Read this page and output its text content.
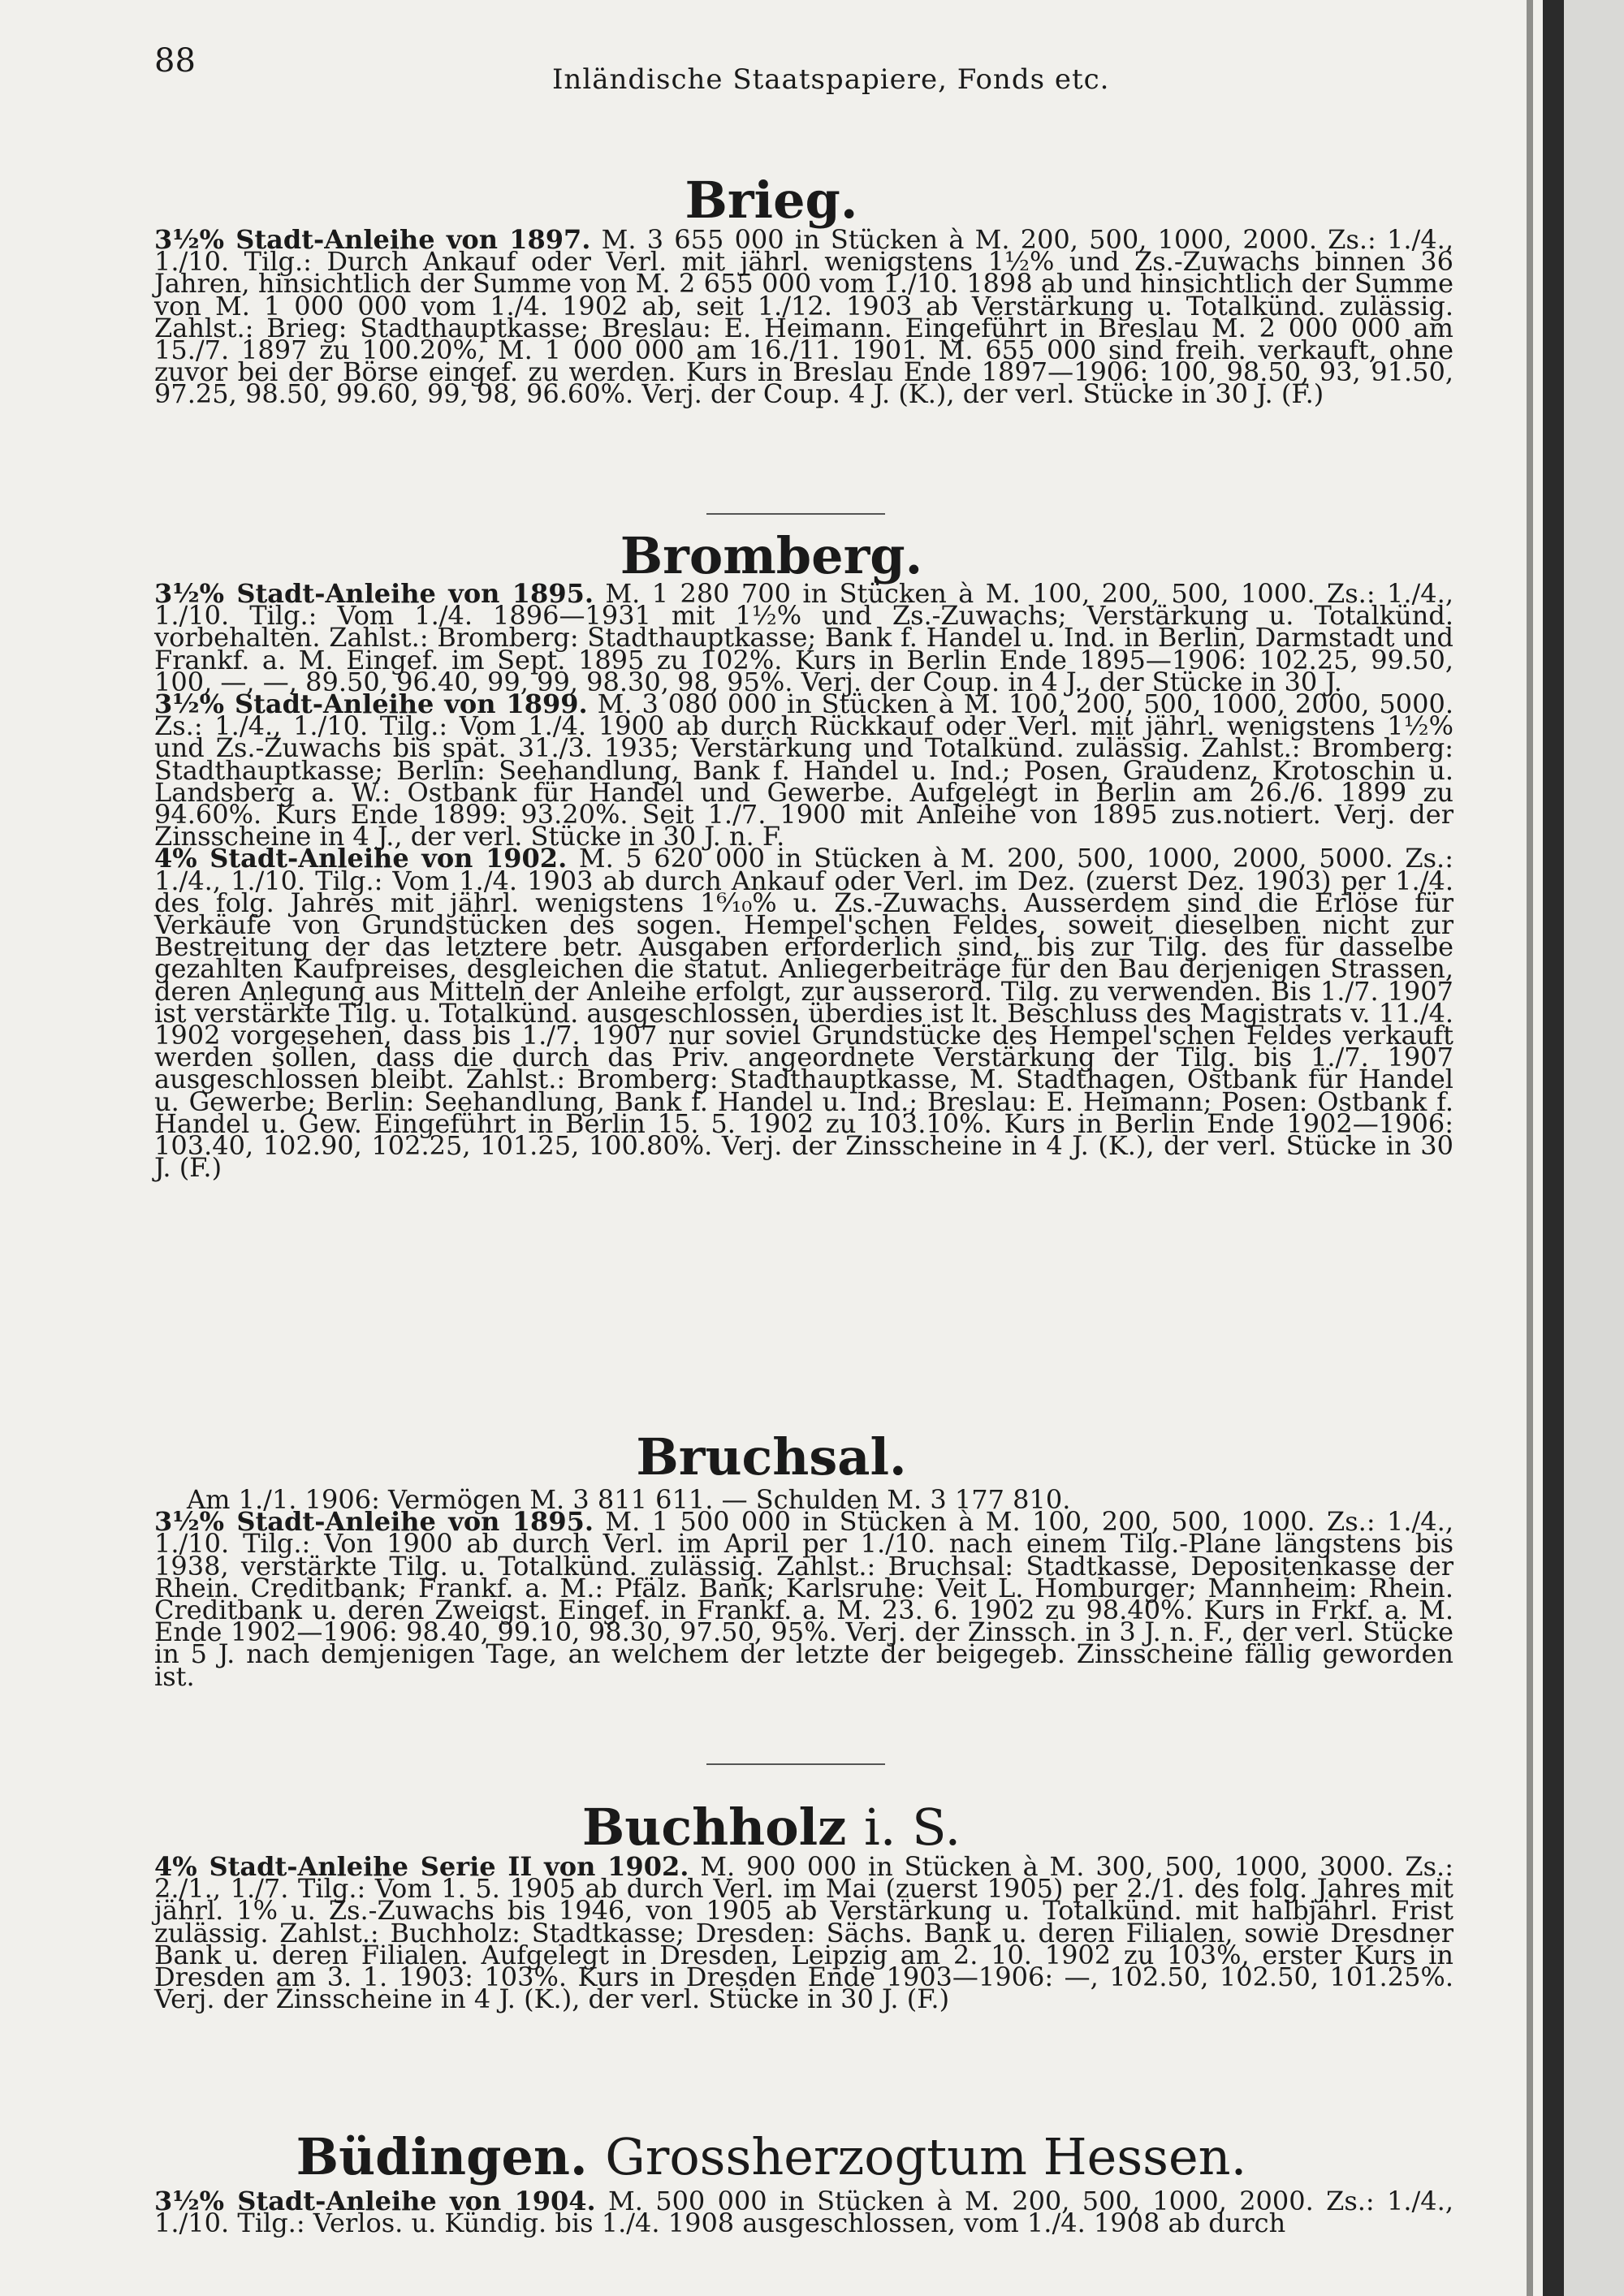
88	Inländische Staatspapiere, Fonds etc.
Brieg.

3½% Stadt-Anleihe von 1897. M. 3 655 000 in Stücken à M. 200, 500, 1000, 2000. Zs.: 1./4., 1./10. Tilg.: Durch Ankauf oder Verl. mit jährl. wenigstens 1½% und Zs.-Zuwachs binnen 36 Jahren, hinsichtlich der Summe von M. 2 655 000 vom 1./10. 1898 ab und hinsichtlich der Summe von M. 1 000 000 vom 1./4. 1902 ab, seit 1./12. 1903 ab Verstärkung u. Totalkünd. zulässig. Zahlst.: Brieg: Stadthauptkasse; Breslau: E. Heimann. Eingeführt in Breslau M. 2 000 000 am 15./7. 1897 zu 100.20%, M. 1 000 000 am 16./11. 1901. M. 655 000 sind freih. verkauft, ohne zuvor bei der Börse eingef. zu werden. Kurs in Breslau Ende 1897—1906: 100, 98.50, 93, 91.50, 97.25, 98.50, 99.60, 99, 98, 96.60%. Verj. der Coup. 4 J. (K.), der verl. Stücke in 30 J. (F.)

Bromberg.

3½% Stadt-Anleihe von 1895. M. 1 280 700 in Stücken à M. 100, 200, 500, 1000. Zs.: 1./4., 1./10. Tilg.: Vom 1./4. 1896—1931 mit 1½% und Zs.-Zuwachs; Verstärkung u. Totalkünd. vorbehalten. Zahlst.: Bromberg: Stadthauptkasse; Bank f. Handel u. Ind. in Berlin, Darmstadt und Frankf. a. M. Eingef. im Sept. 1895 zu 102%. Kurs in Berlin Ende 1895—1906: 102.25, 99.50, 100, —, —, 89.50, 96.40, 99, 99, 98.30, 98, 95%. Verj. der Coup. in 4 J., der Stücke in 30 J.

3½% Stadt-Anleihe von 1899. M. 3 080 000 in Stücken à M. 100, 200, 500, 1000, 2000, 5000. Zs.: 1./4., 1./10. Tilg.: Vom 1./4. 1900 ab durch Rückkauf oder Verl. mit jährl. wenigstens 1½% und Zs.-Zuwachs bis spät. 31./3. 1935; Verstärkung und Totalkünd. zulässig. Zahlst.: Bromberg: Stadthauptkasse; Berlin: Seehandlung, Bank f. Handel u. Ind.; Posen, Graudenz, Krotoschin u. Landsberg a. W.: Ostbank für Handel und Gewerbe. Aufgelegt in Berlin am 26./6. 1899 zu 94.60%. Kurs Ende 1899: 93.20%. Seit 1./7. 1900 mit Anleihe von 1895 zus.notiert. Verj. der Zinsscheine in 4 J., der verl. Stücke in 30 J. n. F.

4% Stadt-Anleihe von 1902. M. 5 620 000 in Stücken à M. 200, 500, 1000, 2000, 5000. Zs.: 1./4., 1./10. Tilg.: Vom 1./4. 1903 ab durch Ankauf oder Verl. im Dez. (zuerst Dez. 1903) per 1./4. des folg. Jahres mit jährl. wenigstens 1⁶⁄₁₀% u. Zs.-Zuwachs. Ausserdem sind die Erlöse für Verkäufe von Grundstücken des sogen. Hempel'schen Feldes, soweit dieselben nicht zur Bestreitung der das letztere betr. Ausgaben erforderlich sind, bis zur Tilg. des für dasselbe gezahlten Kaufpreises, desgleichen die statut. Anliegerbeiträge für den Bau derjenigen Strassen, deren Anlegung aus Mitteln der Anleihe erfolgt, zur ausserord. Tilg. zu verwenden. Bis 1./7. 1907 ist verstärkte Tilg. u. Totalkünd. ausgeschlossen, überdies ist lt. Beschluss des Magistrats v. 11./4. 1902 vorgesehen, dass bis 1./7. 1907 nur soviel Grundstücke des Hempel'schen Feldes verkauft werden sollen, dass die durch das Priv. angeordnete Verstärkung der Tilg. bis 1./7. 1907 ausgeschlossen bleibt. Zahlst.: Bromberg: Stadthauptkasse, M. Stadthagen, Ostbank für Handel u. Gewerbe; Berlin: Seehandlung, Bank f. Handel u. Ind.; Breslau: E. Heimann; Posen: Ostbank f. Handel u. Gew. Eingeführt in Berlin 15. 5. 1902 zu 103.10%. Kurs in Berlin Ende 1902—1906: 103.40, 102.90, 102.25, 101.25, 100.80%. Verj. der Zinsscheine in 4 J. (K.), der verl. Stücke in 30 J. (F.)

Bruchsal.

Am 1./1. 1906: Vermögen M. 3 811 611. — Schulden M. 3 177 810.

3½% Stadt-Anleihe von 1895. M. 1 500 000 in Stücken à M. 100, 200, 500, 1000. Zs.: 1./4., 1./10. Tilg.: Von 1900 ab durch Verl. im April per 1./10. nach einem Tilg.-Plane längstens bis 1938, verstärkte Tilg. u. Totalkünd. zulässig. Zahlst.: Bruchsal: Stadtkasse, Depositenkasse der Rhein. Creditbank; Frankf. a. M.: Pfälz. Bank; Karlsruhe: Veit L. Homburger; Mannheim: Rhein. Creditbank u. deren Zweigst. Eingef. in Frankf. a. M. 23. 6. 1902 zu 98.40%. Kurs in Frkf. a. M. Ende 1902—1906: 98.40, 99.10, 98.30, 97.50, 95%. Verj. der Zinssch. in 3 J. n. F., der verl. Stücke in 5 J. nach demjenigen Tage, an welchem der letzte der beigegeb. Zinsscheine fällig geworden ist.

Buchholz i. S.

4% Stadt-Anleihe Serie II von 1902. M. 900 000 in Stücken à M. 300, 500, 1000, 3000. Zs.: 2./1., 1./7. Tilg.: Vom 1. 5. 1905 ab durch Verl. im Mai (zuerst 1905) per 2./1. des folg. Jahres mit jährl. 1% u. Zs.-Zuwachs bis 1946, von 1905 ab Verstärkung u. Totalkünd. mit halbjährl. Frist zulässig. Zahlst.: Buchholz: Stadtkasse; Dresden: Sächs. Bank u. deren Filialen, sowie Dresdner Bank u. deren Filialen. Aufgelegt in Dresden, Leipzig am 2. 10. 1902 zu 103%, erster Kurs in Dresden am 3. 1. 1903: 103%. Kurs in Dresden Ende 1903—1906: —, 102.50, 102.50, 101.25%. Verj. der Zinsscheine in 4 J. (K.), der verl. Stücke in 30 J. (F.)

Büdingen. Grossherzogtum Hessen.

3½% Stadt-Anleihe von 1904. M. 500 000 in Stücken à M. 200, 500, 1000, 2000. Zs.: 1./4., 1./10. Tilg.: Verlos. u. Kündig. bis 1./4. 1908 ausgeschlossen, vom 1./4. 1908 ab durch
